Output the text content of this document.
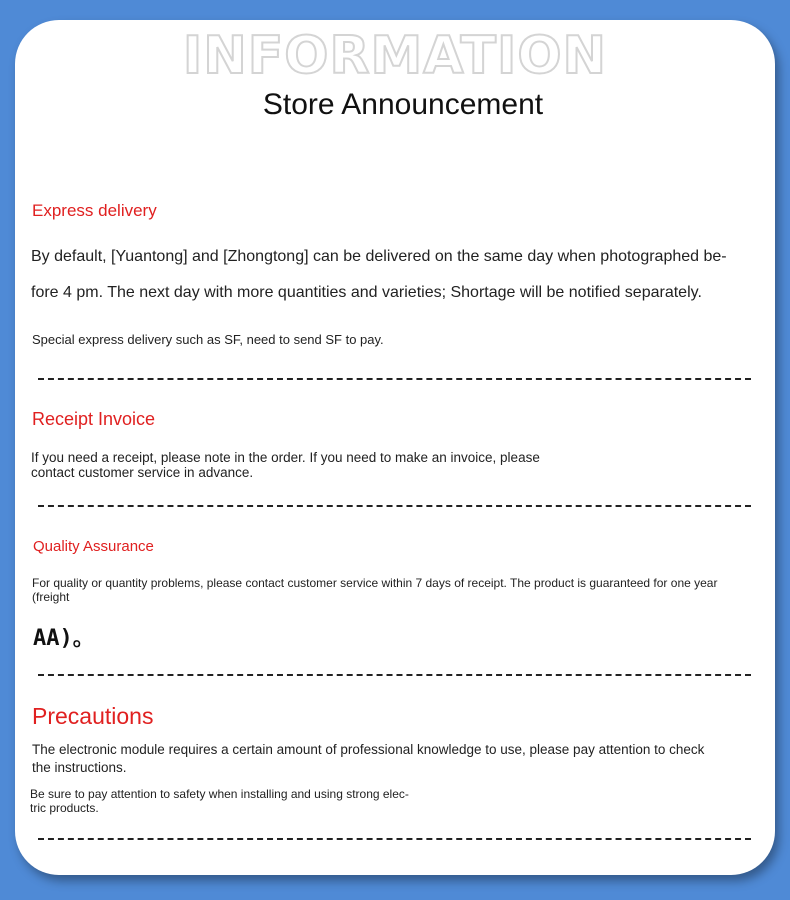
INFORMATION
Store Announcement
Express delivery
By default, [Yuantong] and [Zhongtong] can be delivered on the same day when photographed be-
fore 4 pm. The next day with more quantities and varieties; Shortage will be notified separately.
Special express delivery such as SF, need to send SF to pay.
Receipt Invoice
If you need a receipt, please note in the order. If you need to make an invoice, please
contact customer service in advance.
Quality Assurance
For quality or quantity problems, please contact customer service within 7 days of receipt. The product is guaranteed for one year
(freight
AA)。
Precautions
The electronic module requires a certain amount of professional knowledge to use, please pay attention to check
the instructions.
Be sure to pay attention to safety when installing and using strong elec-
tric products.
